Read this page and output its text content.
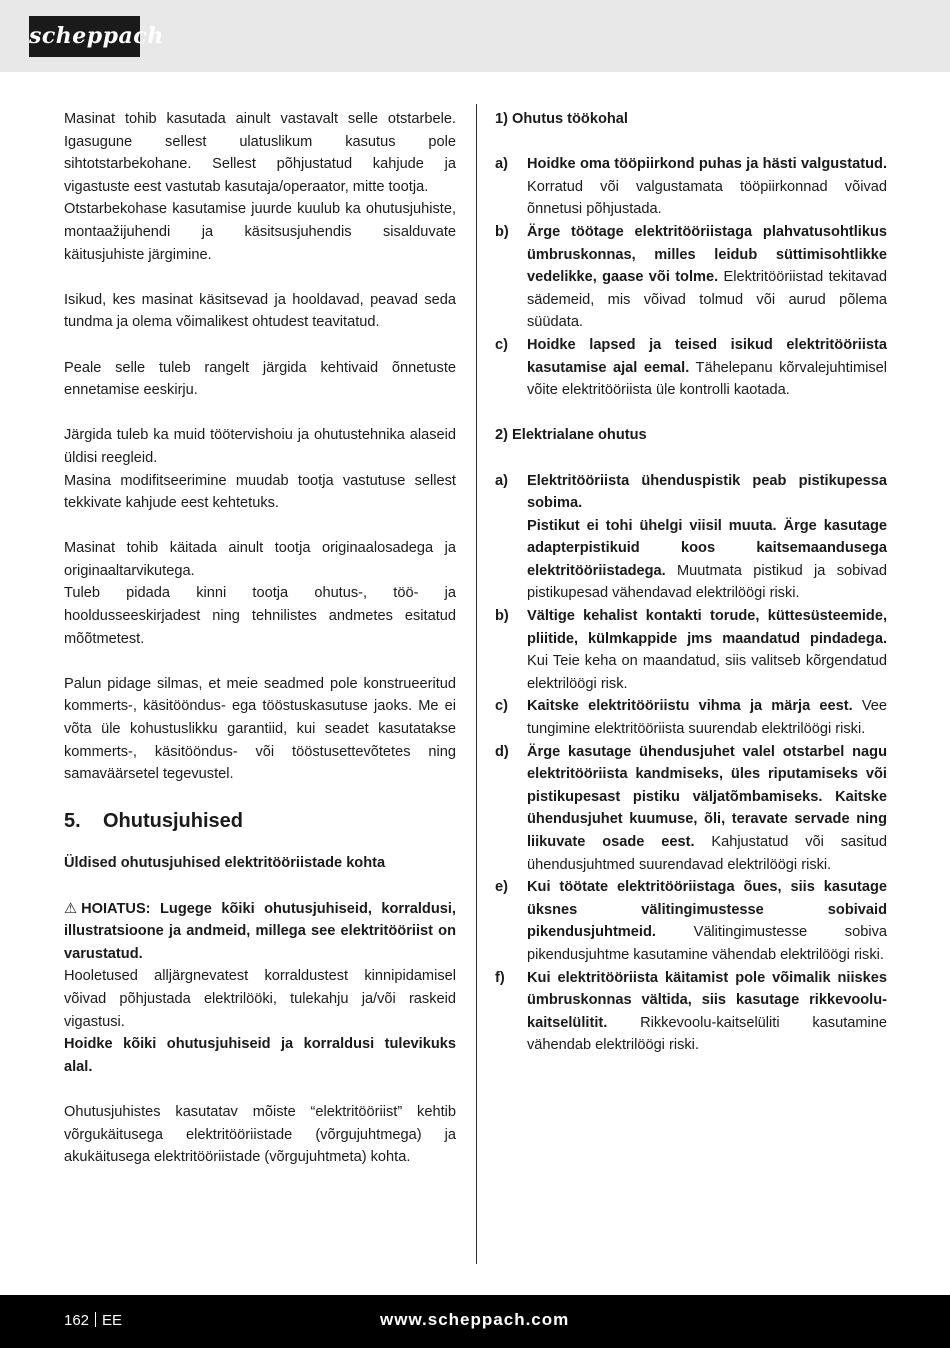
scheppach

Masinat tohib kasutada ainult vastavalt selle otstarbele. Igasugune sellest ulatuslikum kasutus pole sihtotstarbekohane. Sellest põhjustatud kahjude ja vigastuste eest vastutab kasutaja/operaator, mitte tootja.

Otstarbekohase kasutamise juurde kuulub ka ohutusjuhiste, montaažijuhendi ja käsitsusjuhendis sisalduvate käitusjuhiste järgimine.

Isikud, kes masinat käsitsevad ja hooldavad, peavad seda tundma ja olema võimalikest ohtudest teavitatud.

Peale selle tuleb rangelt järgida kehtivaid õnnetuste ennetamise eeskirju.

Järgida tuleb ka muid töötervishoiu ja ohutustehnika alaseid üldisi reegleid.

Masina modifitseerimine muudab tootja vastutuse sellest tekkivate kahjude eest kehtetuks.

Masinat tohib käitada ainult tootja originaalosadega ja originaaltarvikutega.

Tuleb pidada kinni tootja ohutus-, töö- ja hooldusseeskirjadest ning tehnilistes andmetes esitatud mõõtmetest.

Palun pidage silmas, et meie seadmed pole konstrueeritud kommerts-, käsitööndus- ega tööstuskasutuse jaoks. Me ei võta üle kohustuslikku garantiid, kui seadet kasutatakse kommerts-, käsitööndus- või tööstusettevõtetes ning samaväärsetel tegevustel.

5.	Ohutusjuhised

Üldised ohutusjuhised elektritööriistade kohta

⚠ HOIATUS: Lugege kõiki ohutusjuhiseid, korraldusi, illustratsioone ja andmeid, millega see elektritööriist on varustatud.

Hooletused alljärgnevatest korraldustest kinnipidamisel võivad põhjustada elektrilööki, tulekahju ja/või raskeid vigastusi.

Hoidke kõiki ohutusjuhiseid ja korraldusi tulevikuks alal.

Ohutusjuhistes kasutatav mõiste “elektritööriist” kehtib võrgukäitusega elektritööriistade (võrgujuhtmega) ja akukäitusega elektritööriistade (võrgujuhtmeta) kohta.

1) Ohutus töökohal

a)	Hoidke oma tööpiirkond puhas ja hästi valgustatud. Korratud või valgustamata tööpiirkonnad võivad õnnetusi põhjustada.

b)	Ärge töötage elektritööriistaga plahvatusohtlikus ümbruskonnas, milles leidub süttimisohtlikke vedelikke, gaase või tolme. Elektritööriistad tekitavad sädemeid, mis võivad tolmud või aurud põlema süüdata.

c)	Hoidke lapsed ja teised isikud elektritööriista kasutamise ajal eemal. Tähelepanu kõrvalejuhtimisel võite elektritööriista üle kontrolli kaotada.

2) Elektrialane ohutus

a)	Elektritööriista ühenduspistik peab pistikupessa sobima.

Pistikut ei tohi ühelgi viisil muuta. Ärge kasutage adapterpistikuid koos kaitsemaandusega elektritööriistadega. Muutmata pistikud ja sobivad pistikupesad vähendavad elektrilöögi riski.

b)	Vältige kehalist kontakti torude, küttesüsteemide, pliitide, külmkappide jms maandatud pindadega. Kui Teie keha on maandatud, siis valitseb kõrgendatud elektrilöögi risk.

c)	Kaitske elektritööriistu vihma ja märja eest. Vee tungimine elektritööriista suurendab elektrilöögi riski.

d)	Ärge kasutage ühendusjuhet valel otstarbel nagu elektritööriista kandmiseks, üles riputamiseks või pistikupesast pistiku väljatõmbamiseks. Kaitske ühendusjuhet kuumuse, õli, teravate servade ning liikuvate osade eest. Kahjustatud või sasitud ühendusjuhtmed suurendavad elektrilöögi riski.

e)	Kui töötate elektritööriistaga õues, siis kasutage üksnes välitingimustesse sobivaid pikendusjuhtmeid. Välitingimustesse sobiva pikendusjuhtme kasutamine vähendab elektrilöögi riski.

f)	Kui elektritööriista käitamist pole võimalik niiskes ümbruskonnas vältida, siis kasutage rikkevoolu-kaitselülitit. Rikkevoolu-kaitselüliti kasutamine vähendab elektrilöögi riski.

162 EE	www.scheppach.com
